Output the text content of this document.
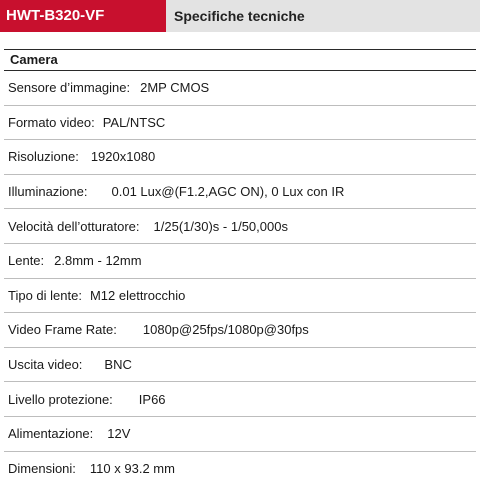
HWT-B320-VF	Specifiche tecniche
Camera
Sensore d’immagine: 2MP CMOS
Formato video: PAL/NTSC
Risoluzione: 1920x1080
Illuminazione: 0.01 Lux@(F1.2,AGC ON), 0 Lux con IR
Velocità dell’otturatore: 1/25(1/30)s - 1/50,000s
Lente: 2.8mm - 12mm
Tipo di lente: M12 elettrocchio
Video Frame Rate: 1080p@25fps/1080p@30fps
Uscita video: BNC
Livello protezione: IP66
Alimentazione: 12V
Dimensioni: 110 x 93.2 mm
